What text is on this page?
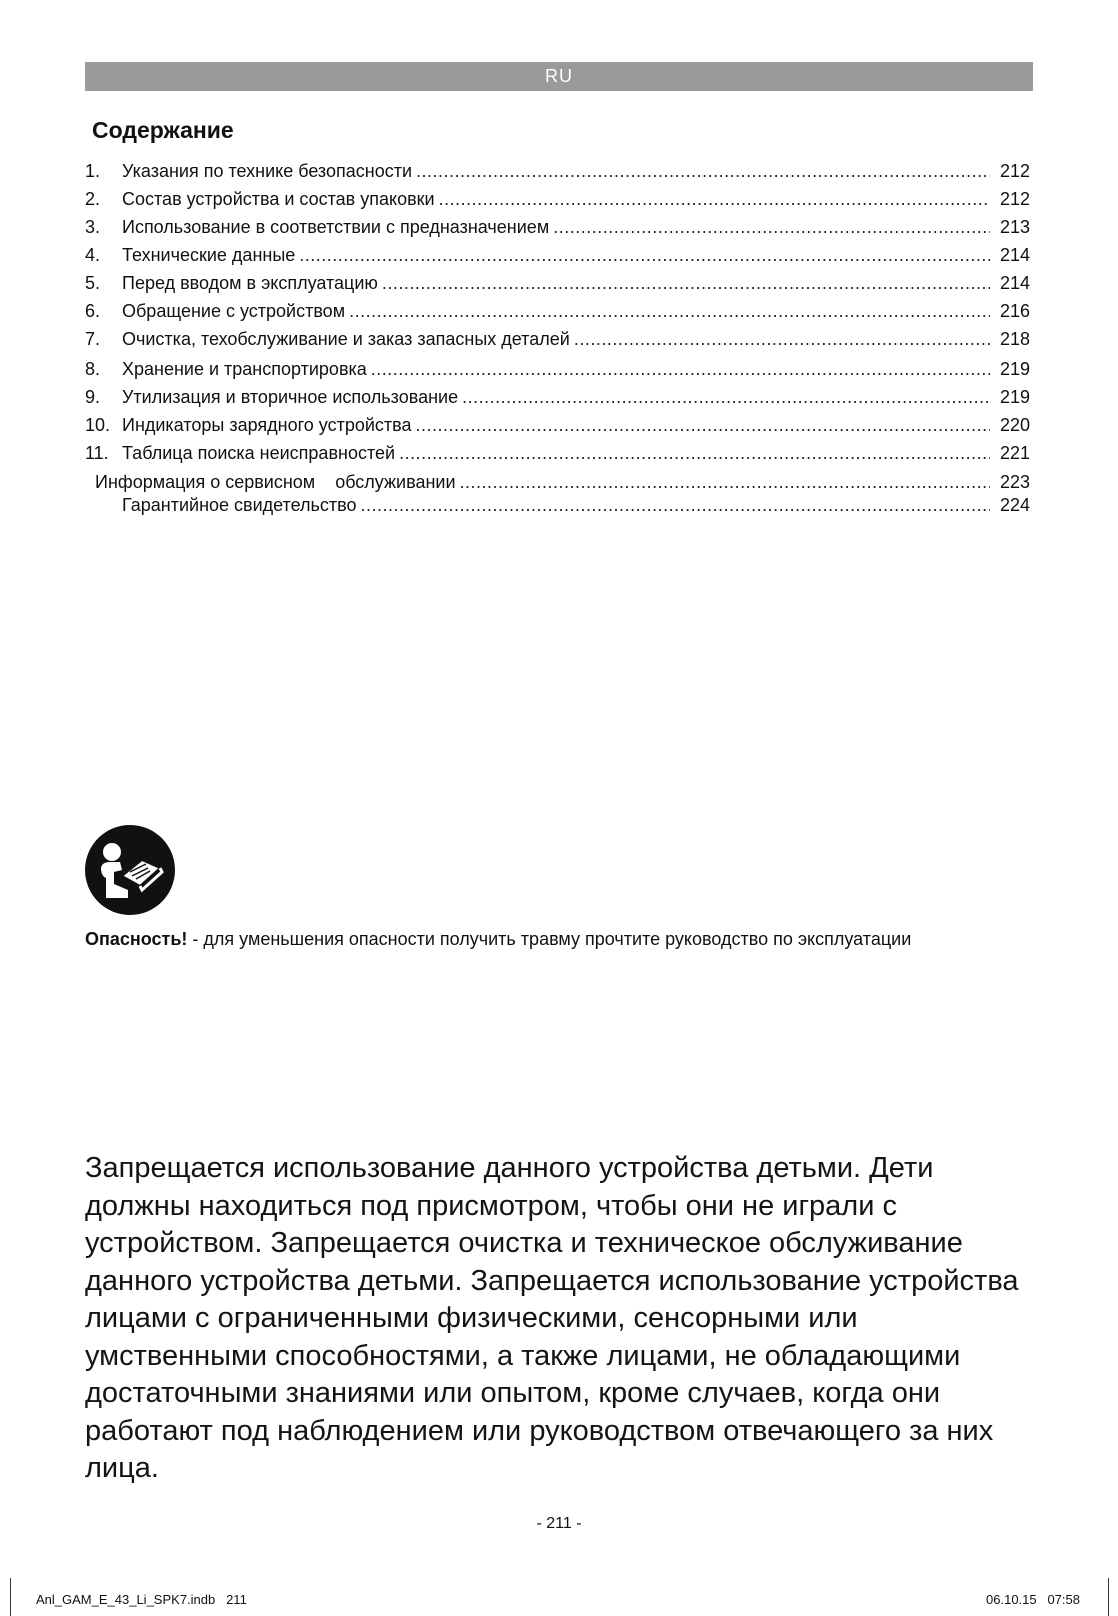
RU
Содержание
1.	Указания по технике безопасности .....	212
2.	Состав устройства и состав упаковки .....	212
3.	Использование в соответствии с предназначением .....	213
4.	Технические данные .....	214
5.	Перед вводом в эксплуатацию .....	214
6.	Обращение с устройством .....	216
7.	Очистка, техобслуживание и заказ запасных деталей .....	218
8.	Хранение и транспортировка .....	219
9.	Утилизация и вторичное использование .....	219
10. Индикаторы зарядного устройства .....	220
11. Таблица поиска неисправностей .....	221
Информация о сервисном    обслуживании .....	223
Гарантийное свидетельство .....	224

Опасность! - для уменьшения опасности получить травму прочтите руководство по эксплуатации

Запрещается использование данного устройства детьми. Дети должны находиться под присмотром, чтобы они не играли с устройством. Запрещается очистка и техническое обслуживание данного устройства детьми. Запрещается использование устройства лицами с ограниченными физическими, сенсорными или умственными способностями, а также лицами, не обладающими достаточными знаниями или опытом, кроме случаев, когда они работают под наблюдением или руководством отвечающего за них лица.

- 211 -
Anl_GAM_E_43_Li_SPK7.indb   211	06.10.15   07:58
